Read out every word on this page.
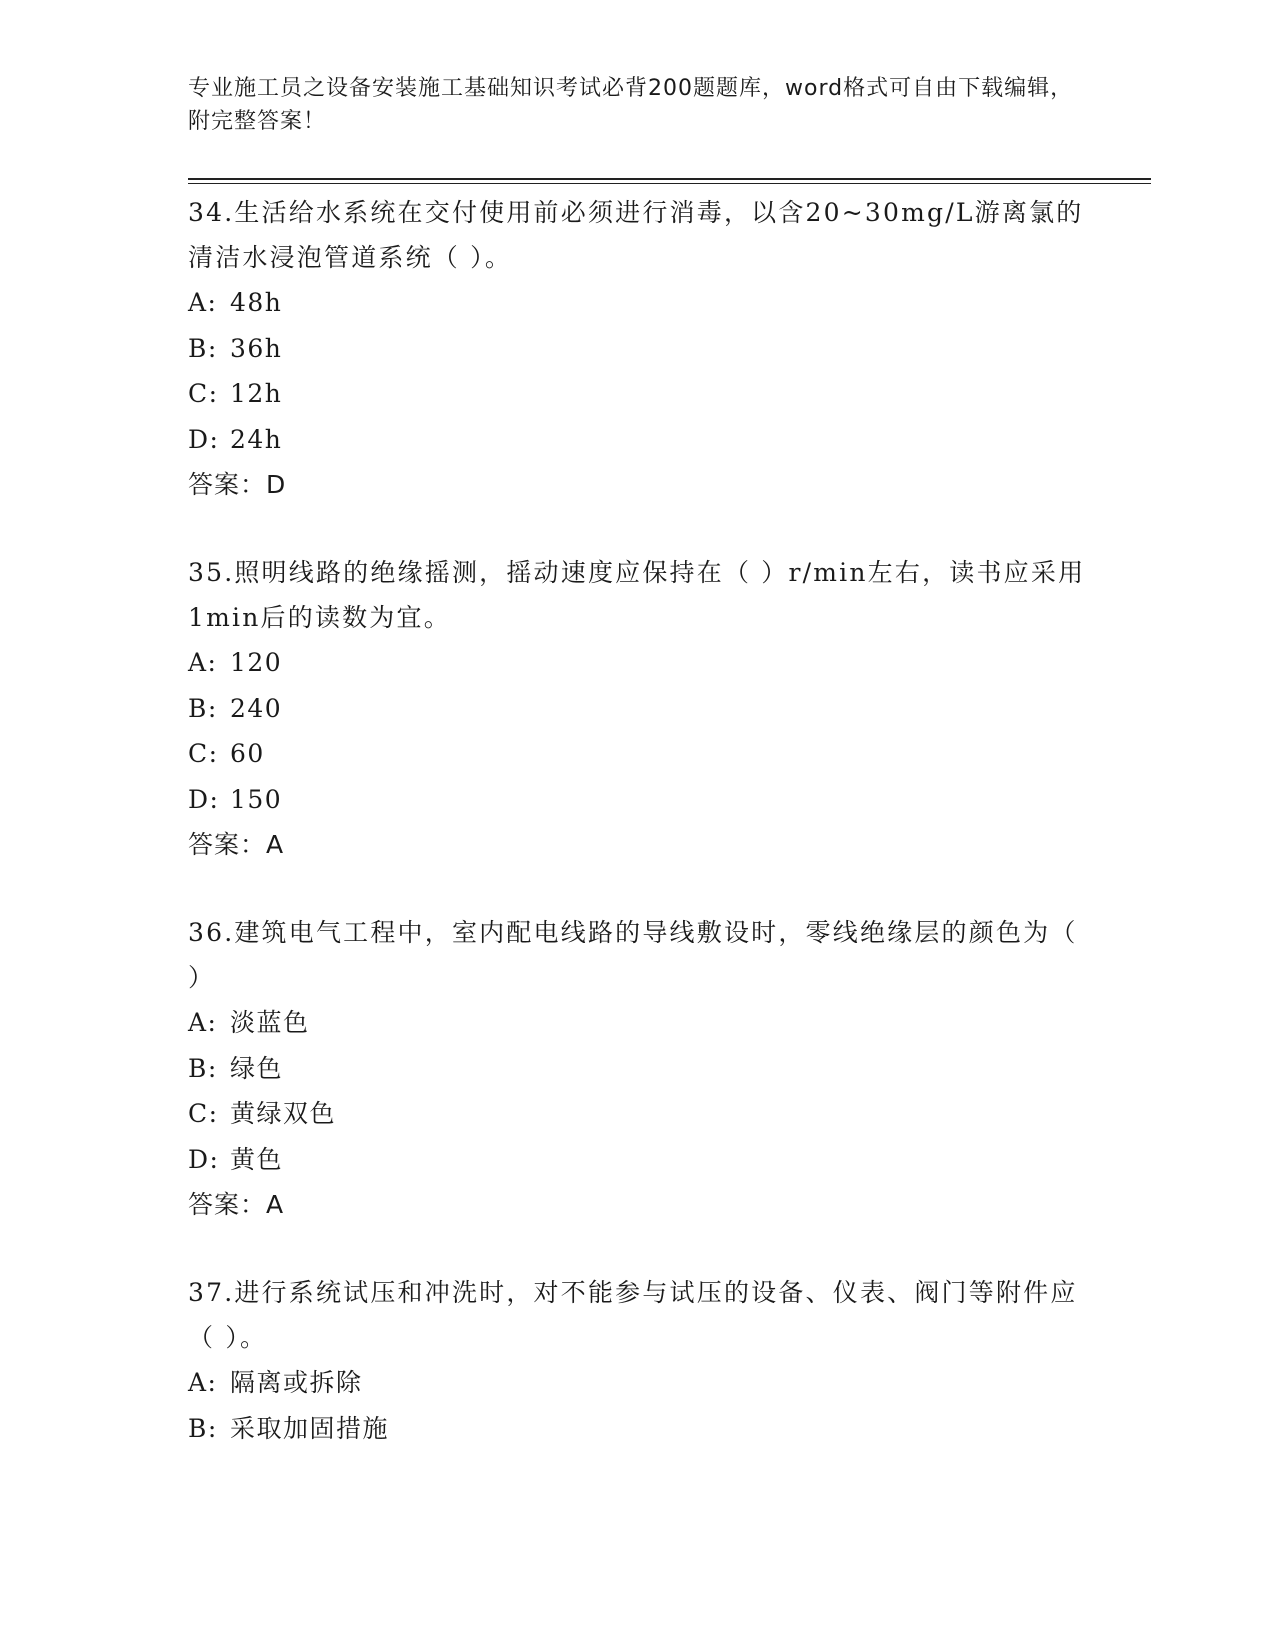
专业施工员之设备安装施工基础知识考试必背200题题库，word格式可自由下载编辑，附完整答案！

34.生活给水系统在交付使用前必须进行消毒，以含20~30mg/L游离氯的清洁水浸泡管道系统（ ）。

A: 48h

B: 36h

C: 12h

D: 24h

答案：D

35.照明线路的绝缘摇测，摇动速度应保持在（ ）r/min左右，读书应采用1min后的读数为宜。

A: 120

B: 240

C: 60

D: 150

答案：A

36.建筑电气工程中，室内配电线路的导线敷设时，零线绝缘层的颜色为（ ）

A: 淡蓝色

B: 绿色

C: 黄绿双色

D: 黄色

答案：A

37.进行系统试压和冲洗时，对不能参与试压的设备、仪表、阀门等附件应（ ）。

A: 隔离或拆除

B: 采取加固措施
